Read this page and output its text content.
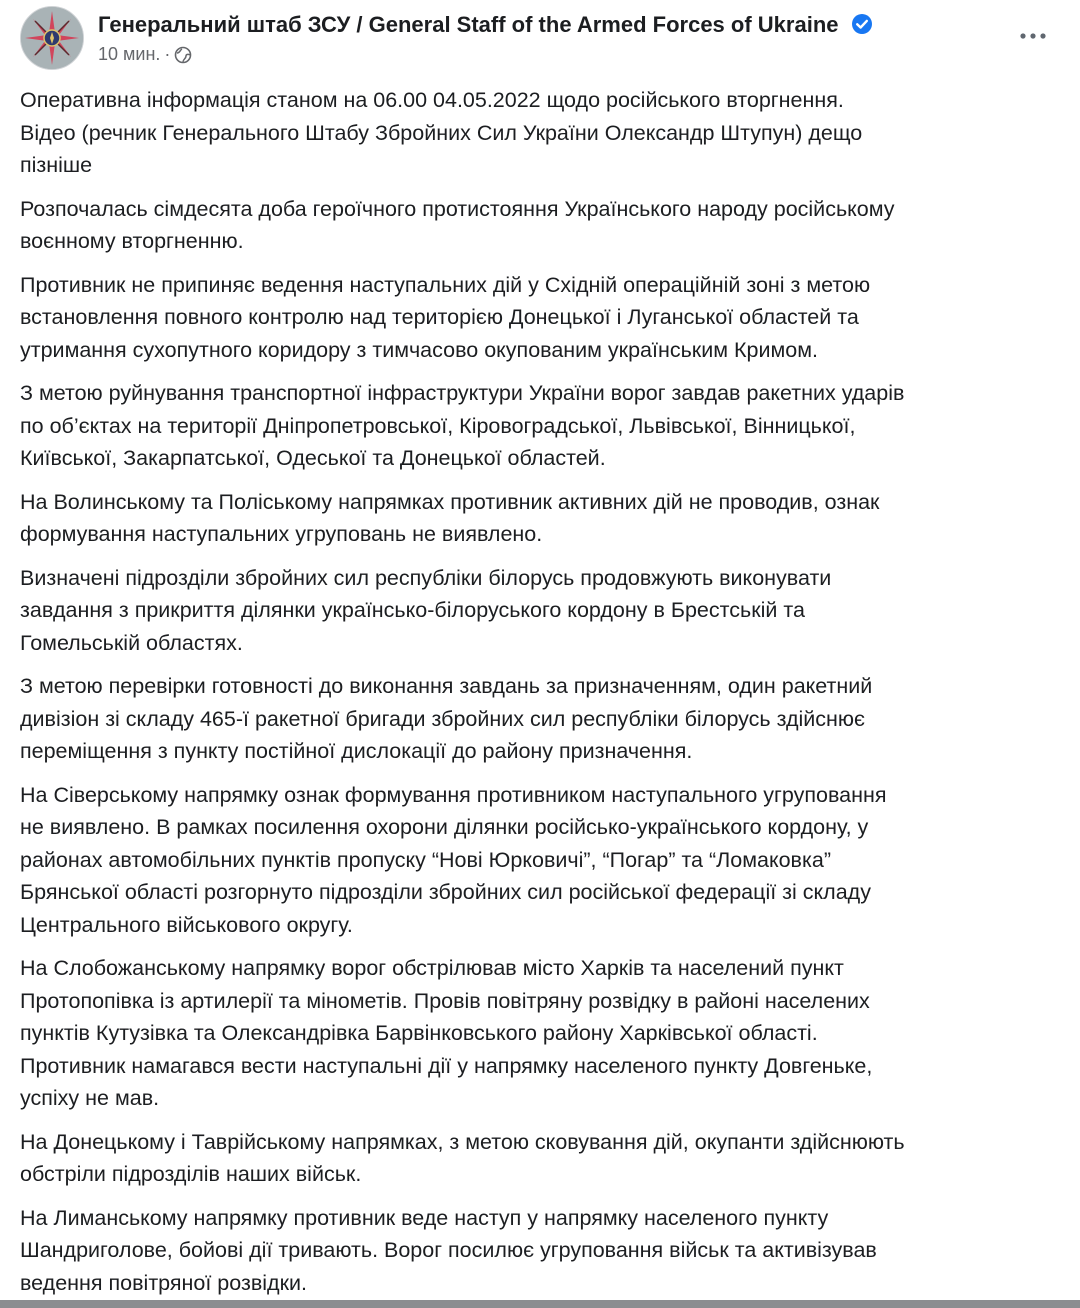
Генеральний штаб ЗСУ / General Staff of the Armed Forces of Ukraine
10 мин. ·

Оперативна інформація станом на 06.00 04.05.2022 щодо російського вторгнення.
Відео (речник Генерального Штабу Збройних Сил України Олександр Штупун) дещо
пізніше

Розпочалась сімдесята доба героїчного протистояння Українського народу російському
воєнному вторгненню.

Противник не припиняє ведення наступальних дій у Східній операційній зоні з метою
встановлення повного контролю над територією Донецької і Луганської областей та
утримання сухопутного коридору з тимчасово окупованим українським Кримом.

З метою руйнування транспортної інфраструктури України ворог завдав ракетних ударів
по об’єктах на території Дніпропетровської, Кіровоградської, Львівської, Вінницької,
Київської, Закарпатської, Одеської та Донецької областей.

На Волинському та Поліському напрямках противник активних дій не проводив, ознак
формування наступальних угруповань не виявлено.

Визначені підрозділи збройних сил республіки білорусь продовжують виконувати
завдання з прикриття ділянки українсько-білоруського кордону в Брестській та
Гомельській областях.

З метою перевірки готовності до виконання завдань за призначенням, один ракетний
дивізіон зі складу 465-ї ракетної бригади збройних сил республіки білорусь здійснює
переміщення з пункту постійної дислокації до району призначення.

На Сіверському напрямку ознак формування противником наступального угруповання
не виявлено. В рамках посилення охорони ділянки російсько-українського кордону, у
районах автомобільних пунктів пропуску “Нові Юрковичі”, “Погар” та “Ломаковка”
Брянської області розгорнуто підрозділи збройних сил російської федерації зі складу
Центрального військового округу.

На Слобожанському напрямку ворог обстрілював місто Харків та населений пункт
Протопопівка із артилерії та мінометів. Провів повітряну розвідку в районі населених
пунктів Кутузівка та Олександрівка Барвінковського району Харківської області.
Противник намагався вести наступальні дії у напрямку населеного пункту Довгеньке,
успіху не мав.

На Донецькому і Таврійському напрямках, з метою сковування дій, окупанти здійснюють
обстріли підрозділів наших військ.

На Лиманському напрямку противник веде наступ у напрямку населеного пункту
Шандриголове, бойові дії тривають. Ворог посилює угруповання військ та активізував
ведення повітряної розвідки.
